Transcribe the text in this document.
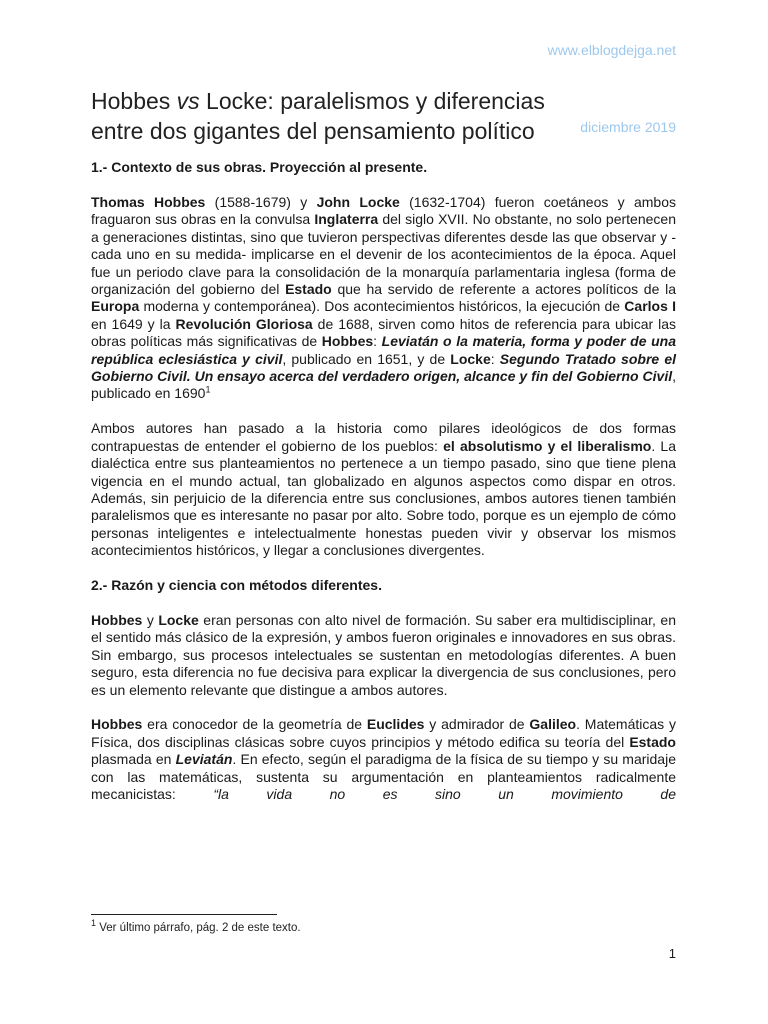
www.elblogdejga.net
Hobbes vs Locke: paralelismos y diferencias entre dos gigantes del pensamiento político	diciembre 2019
1.- Contexto de sus obras. Proyección al presente.

Thomas Hobbes (1588-1679) y John Locke (1632-1704) fueron coetáneos y ambos fraguaron sus obras en la convulsa Inglaterra del siglo XVII. No obstante, no solo pertenecen a generaciones distintas, sino que tuvieron perspectivas diferentes desde las que observar y -cada uno en su medida- implicarse en el devenir de los acontecimientos de la época. Aquel fue un periodo clave para la consolidación de la monarquía parlamentaria inglesa (forma de organización del gobierno del Estado que ha servido de referente a actores políticos de la Europa moderna y contemporánea). Dos acontecimientos históricos, la ejecución de Carlos I en 1649 y la Revolución Gloriosa de 1688, sirven como hitos de referencia para ubicar las obras políticas más significativas de Hobbes: Leviatán o la materia, forma y poder de una república eclesiástica y civil, publicado en 1651, y de Locke: Segundo Tratado sobre el Gobierno Civil. Un ensayo acerca del verdadero origen, alcance y fin del Gobierno Civil, publicado en 1690$^1$

Ambos autores han pasado a la historia como pilares ideológicos de dos formas contrapuestas de entender el gobierno de los pueblos: el absolutismo y el liberalismo. La dialéctica entre sus planteamientos no pertenece a un tiempo pasado, sino que tiene plena vigencia en el mundo actual, tan globalizado en algunos aspectos como dispar en otros. Además, sin perjuicio de la diferencia entre sus conclusiones, ambos autores tienen también paralelismos que es interesante no pasar por alto. Sobre todo, porque es un ejemplo de cómo personas inteligentes e intelectualmente honestas pueden vivir y observar los mismos acontecimientos históricos, y llegar a conclusiones divergentes.

2.- Razón y ciencia con métodos diferentes.

Hobbes y Locke eran personas con alto nivel de formación. Su saber era multidisciplinar, en el sentido más clásico de la expresión, y ambos fueron originales e innovadores en sus obras. Sin embargo, sus procesos intelectuales se sustentan en metodologías diferentes. A buen seguro, esta diferencia no fue decisiva para explicar la divergencia de sus conclusiones, pero es un elemento relevante que distingue a ambos autores.

Hobbes era conocedor de la geometría de Euclides y admirador de Galileo. Matemáticas y Física, dos disciplinas clásicas sobre cuyos principios y método edifica su teoría del Estado plasmada en Leviatán. En efecto, según el paradigma de la física de su tiempo y su maridaje con las matemáticas, sustenta su argumentación en planteamientos radicalmente mecanicistas: “la vida no es sino un movimiento de

$^1$ Ver último párrafo, pág. 2 de este texto.
1
